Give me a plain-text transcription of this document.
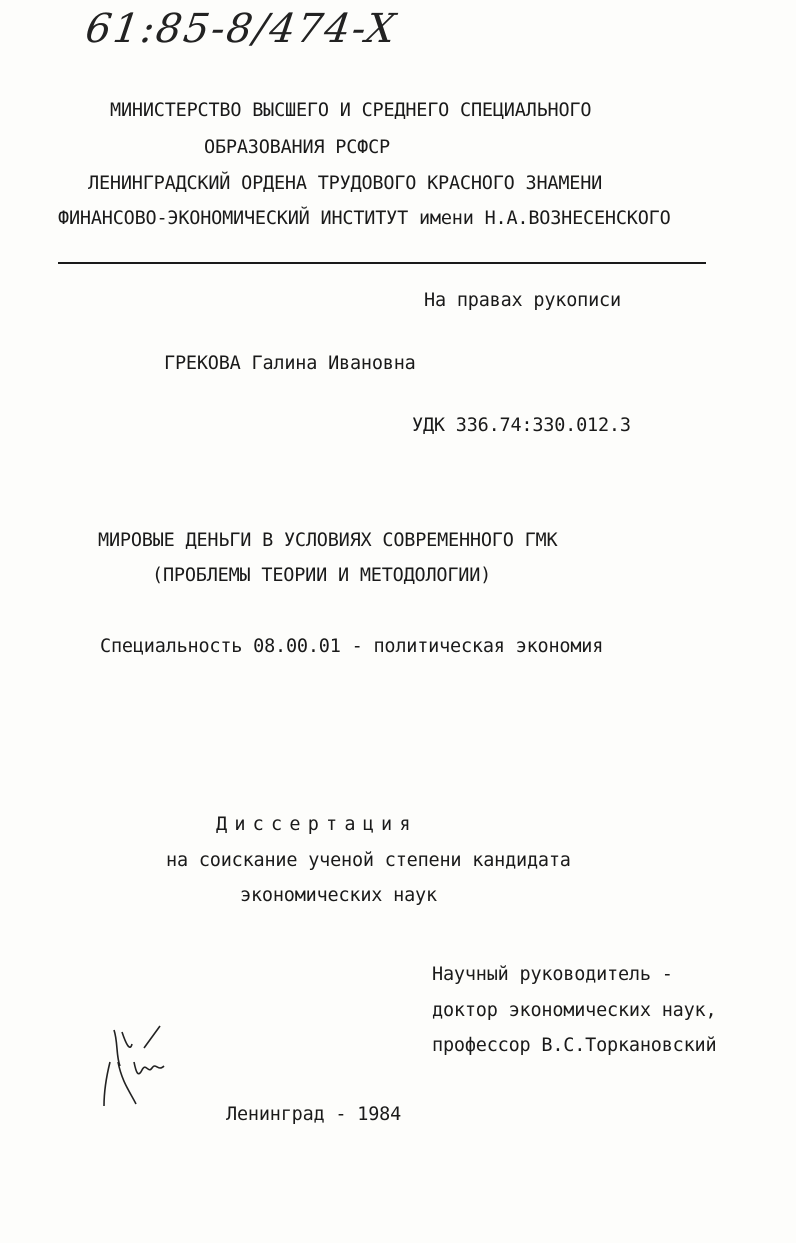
61:85-8/474-X
МИНИСТЕРСТВО ВЫСШЕГО И СРЕДНЕГО СПЕЦИАЛЬНОГО
ОБРАЗОВАНИЯ РСФСР
ЛЕНИНГРАДСКИЙ ОРДЕНА ТРУДОВОГО КРАСНОГО ЗНАМЕНИ
ФИНАНСОВО-ЭКОНОМИЧЕСКИЙ ИНСТИТУТ имени Н.А.ВОЗНЕСЕНСКОГО
На правах рукописи
ГРЕКОВА Галина Ивановна
УДК 336.74:330.012.3
МИРОВЫЕ ДЕНЬГИ В УСЛОВИЯХ СОВРЕМЕННОГО ГМК
(ПРОБЛЕМЫ ТЕОРИИ И МЕТОДОЛОГИИ)
Специальность 08.00.01 - политическая экономия
Диссертация
на соискание ученой степени кандидата
экономических наук
Научный руководитель -
доктор экономических наук,
профессор В.С.Торкановский
Ленинград - 1984
